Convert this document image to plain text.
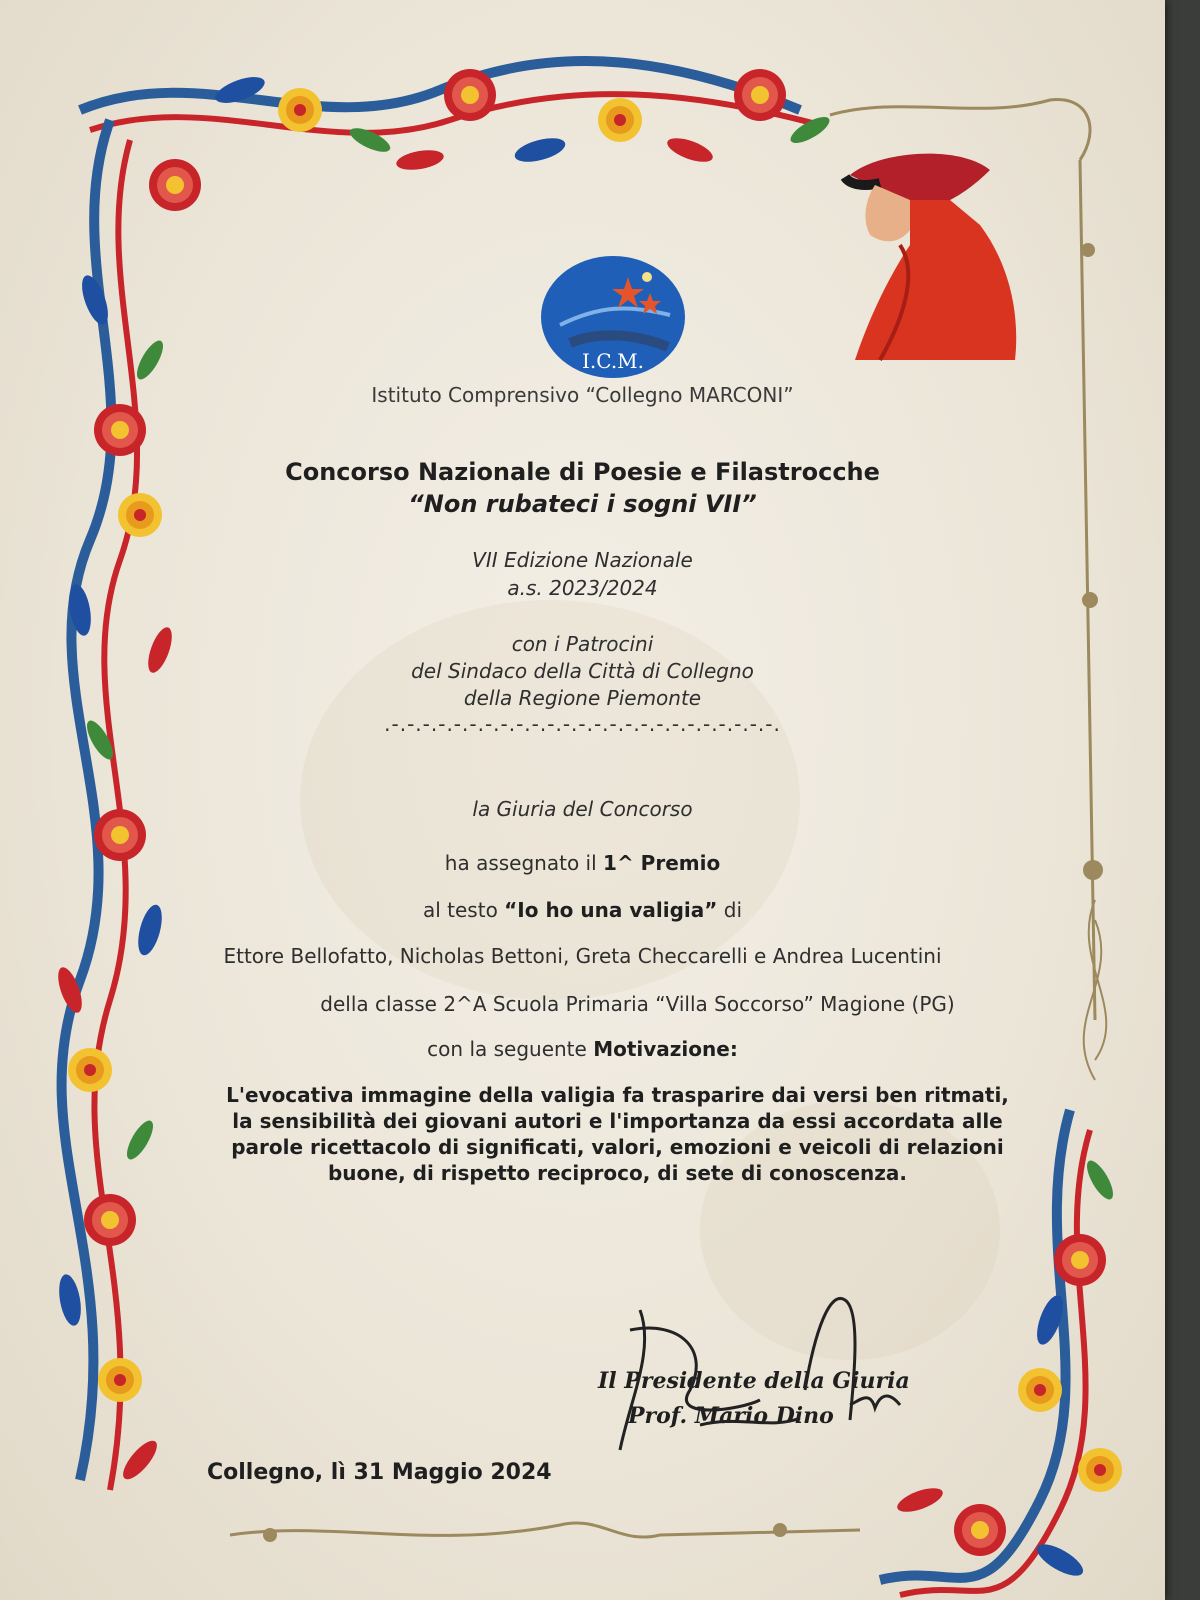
I.C.M.

Istituto Comprensivo “Collegno MARCONI”

Concorso Nazionale di Poesie e Filastrocche

“Non rubateci i sogni VII”

VII Edizione Nazionale

a.s. 2023/2024

con i Patrocini

del Sindaco della Città di Collegno

della Regione Piemonte

.-.-.-.-.-.-.-.-.-.-.-.-.-.-.-.-.-.-.-.-.-.-.-.-.-.

la Giuria del Concorso

ha assegnato il 1^ Premio

al testo “Io ho una valigia” di

Ettore Bellofatto, Nicholas Bettoni, Greta Checcarelli e Andrea Lucentini

della classe 2^A Scuola Primaria “Villa Soccorso” Magione (PG)

con la seguente Motivazione:

L'evocativa immagine della valigia fa trasparire dai versi ben ritmati,

la sensibilità dei giovani autori e l'importanza da essi accordata alle

parole ricettacolo di significati, valori, emozioni e veicoli di relazioni

buone, di rispetto reciproco, di sete di conoscenza.

Il Presidente della Giuria

Prof. Mario Dino

Collegno, lì 31 Maggio 2024
